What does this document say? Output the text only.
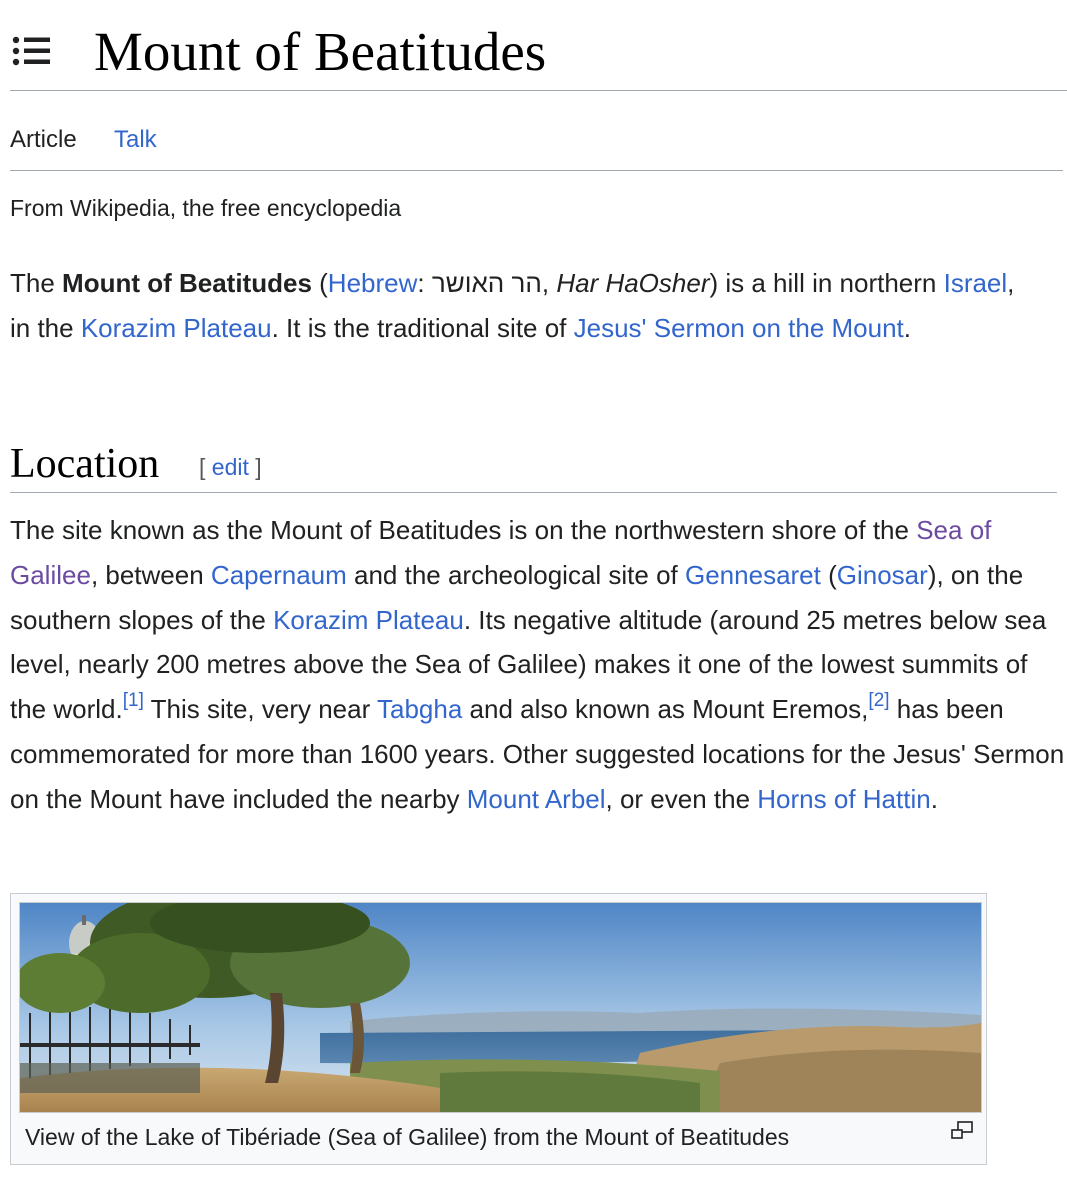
Mount of Beatitudes
Article Talk
From Wikipedia, the free encyclopedia

The Mount of Beatitudes (Hebrew: הר האושר, Har HaOsher) is a hill in northern Israel, in the Korazim Plateau. It is the traditional site of Jesus' Sermon on the Mount.

Location [ edit ]

The site known as the Mount of Beatitudes is on the northwestern shore of the Sea of Galilee, between Capernaum and the archeological site of Gennesaret (Ginosar), on the southern slopes of the Korazim Plateau. Its negative altitude (around 25 metres below sea level, nearly 200 metres above the Sea of Galilee) makes it one of the lowest summits of the world.[1] This site, very near Tabgha and also known as Mount Eremos,[2] has been commemorated for more than 1600 years. Other suggested locations for the Jesus' Sermon on the Mount have included the nearby Mount Arbel, or even the Horns of Hattin.

View of the Lake of Tibériade (Sea of Galilee) from the Mount of Beatitudes
